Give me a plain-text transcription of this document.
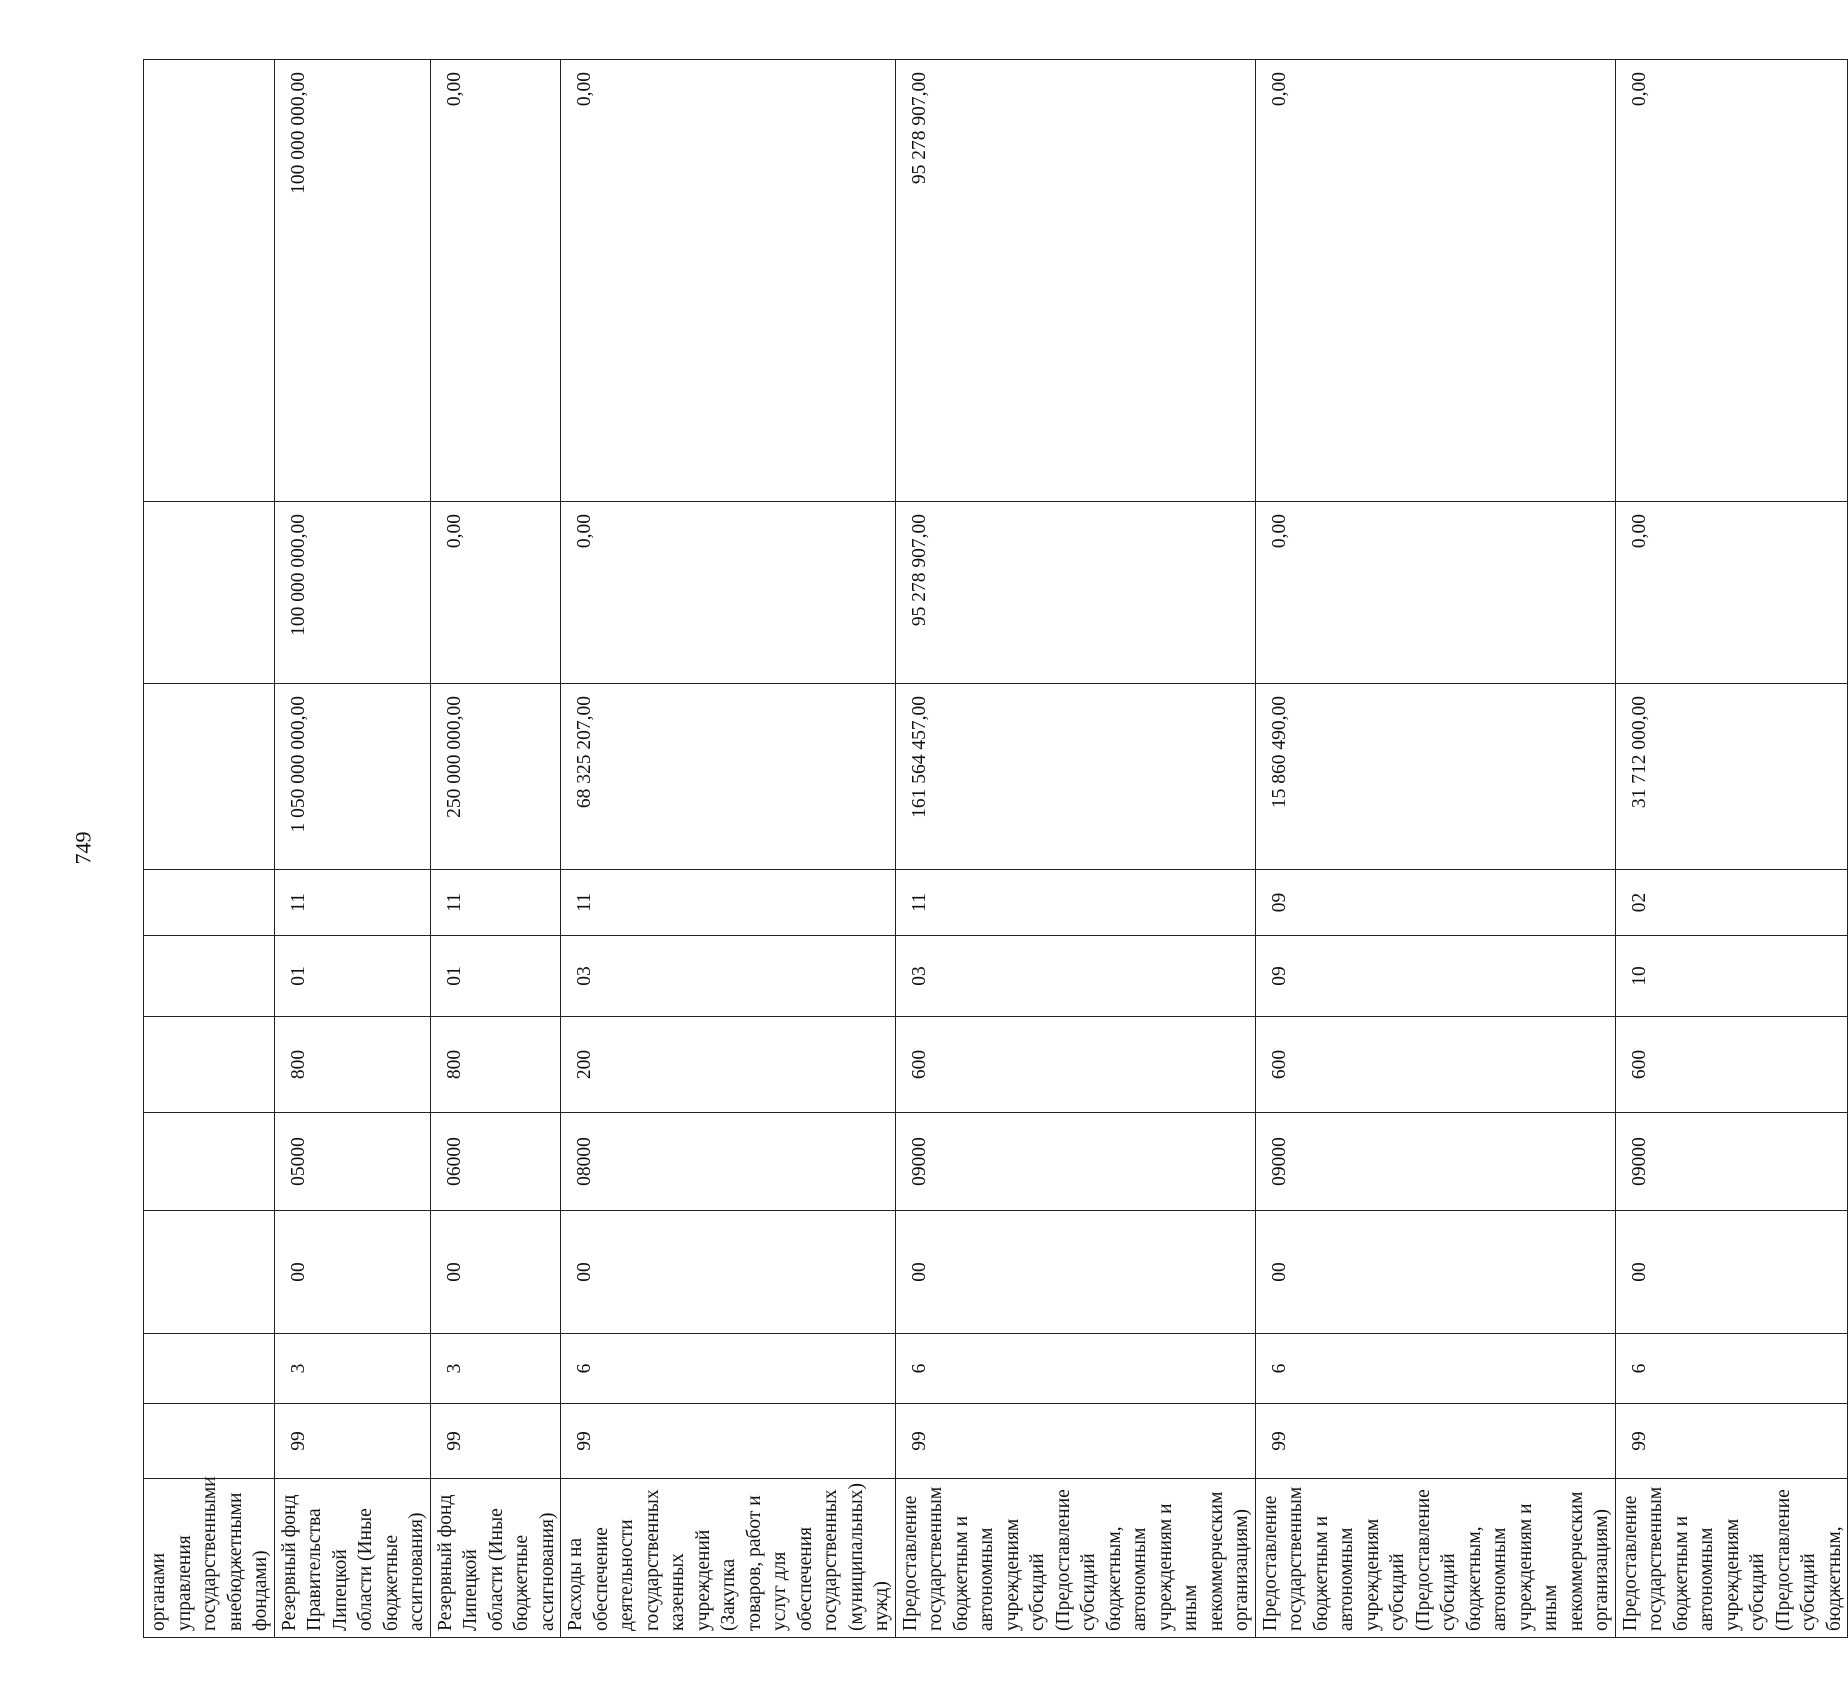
749
органами управления государственными внебюджетными фондами)										
Резервный фонд Правительства Липецкой области (Иные бюджетные ассигнования)	99	3	00	05000	800	01	11	1 050 000 000,00	100 000 000,00	100 000 000,00
Резервный фонд Липецкой области (Иные бюджетные ассигнования)	99	3	00	06000	800	01	11	250 000 000,00	0,00	0,00
Расходы на обеспечение деятельности государственных казенных учреждений (Закупка товаров, работ и услуг для обеспечения государственных (муниципальных) нужд)	99	6	00	08000	200	03	11	68 325 207,00	0,00	0,00
Предоставление государственным бюджетным и автономным учреждениям субсидий (Предоставление субсидий бюджетным, автономным учреждениям и иным некоммерческим организациям)	99	6	00	09000	600	03	11	161 564 457,00	95 278 907,00	95 278 907,00
Предоставление государственным бюджетным и автономным учреждениям субсидий (Предоставление субсидий бюджетным, автономным учреждениям и иным некоммерческим организациям)	99	6	00	09000	600	09	09	15 860 490,00	0,00	0,00
Предоставление государственным бюджетным и автономным учреждениям субсидий (Предоставление субсидий бюджетным,	99	6	00	09000	600	10	02	31 712 000,00	0,00	0,00
